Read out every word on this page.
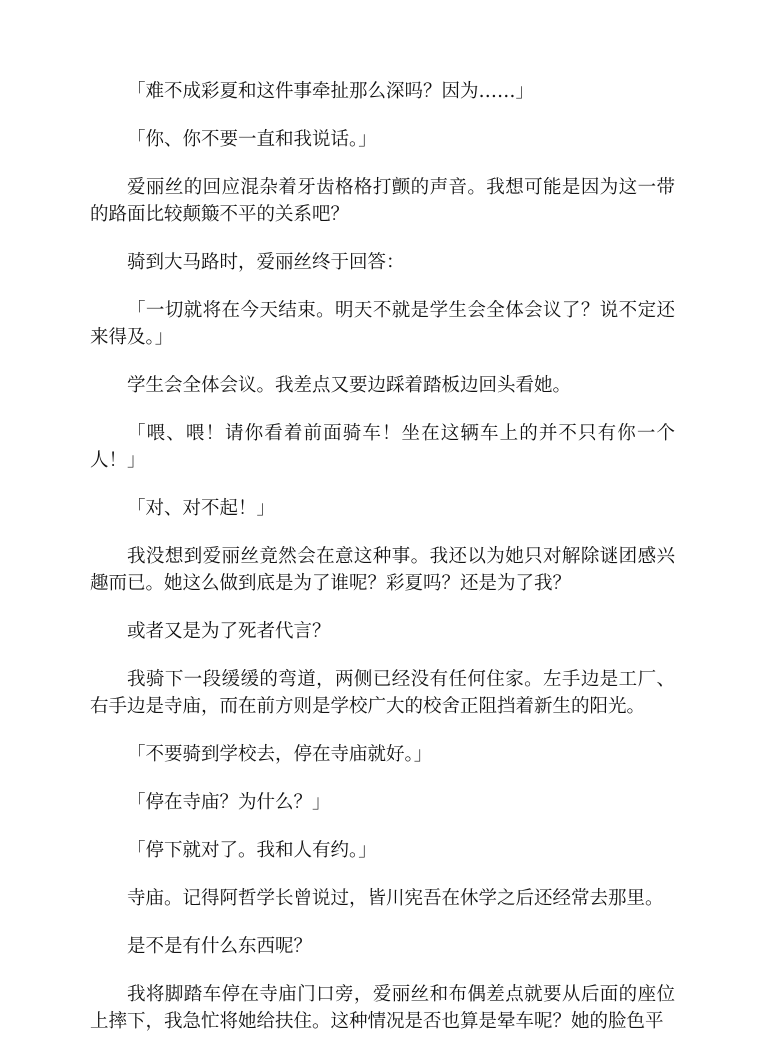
「难不成彩夏和这件事牵扯那么深吗？因为……」

「你、你不要一直和我说话。」

爱丽丝的回应混杂着牙齿格格打颤的声音。我想可能是因为这一带的路面比较颠簸不平的关系吧？

骑到大马路时，爱丽丝终于回答：

「一切就将在今天结束。明天不就是学生会全体会议了？说不定还来得及。」

学生会全体会议。我差点又要边踩着踏板边回头看她。

「喂、喂！请你看着前面骑车！坐在这辆车上的并不只有你一个人！」

「对、对不起！」

我没想到爱丽丝竟然会在意这种事。我还以为她只对解除谜团感兴趣而已。她这么做到底是为了谁呢？彩夏吗？还是为了我？

或者又是为了死者代言？

我骑下一段缓缓的弯道，两侧已经没有任何住家。左手边是工厂、右手边是寺庙，而在前方则是学校广大的校舍正阻挡着新生的阳光。

「不要骑到学校去，停在寺庙就好。」

「停在寺庙？为什么？」

「停下就对了。我和人有约。」

寺庙。记得阿哲学长曾说过，皆川宪吾在休学之后还经常去那里。

是不是有什么东西呢？

我将脚踏车停在寺庙门口旁，爱丽丝和布偶差点就要从后面的座位上摔下，我急忙将她给扶住。这种情况是否也算是晕车呢？她的脸色平
